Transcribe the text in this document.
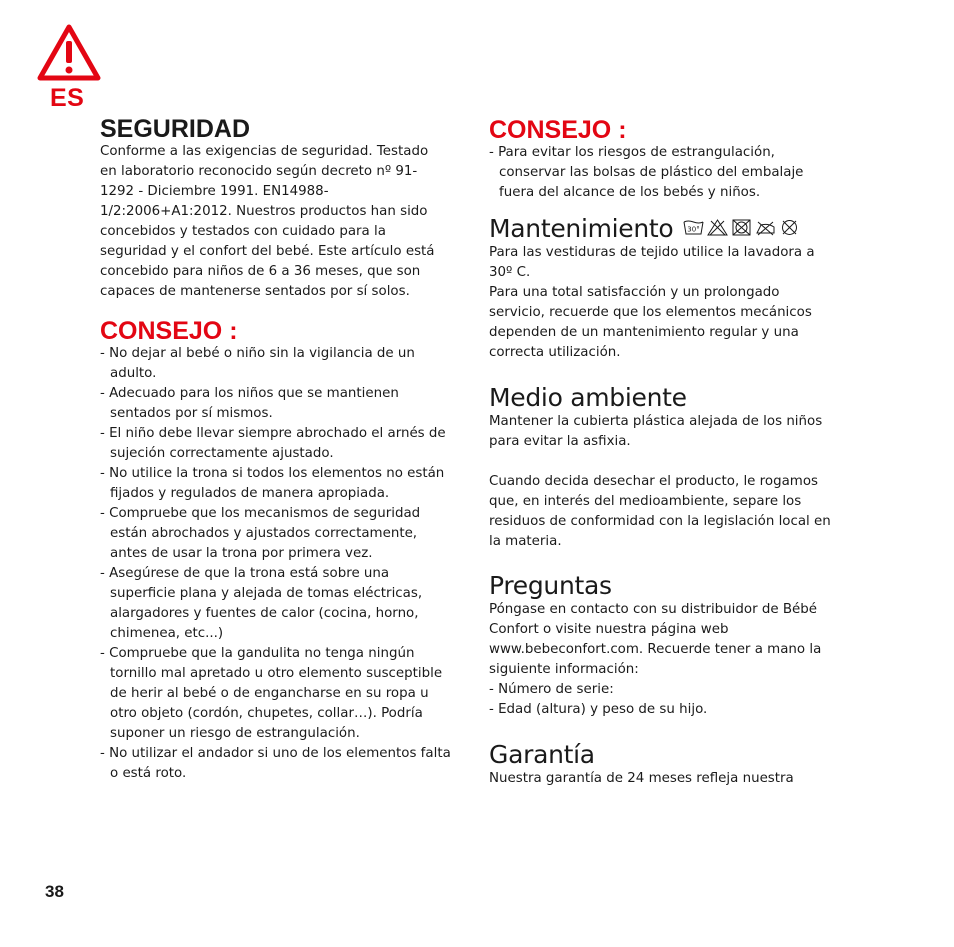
ES
SEGURIDAD

Conforme a las exigencias de seguridad. Testado en laboratorio reconocido según decreto nº 91-1292 - Diciembre 1991. EN14988-1/2:2006+A1:2012. Nuestros productos han sido concebidos y testados con cuidado para la seguridad y el confort del bebé. Este artículo está concebido para niños de 6 a 36 meses, que son capaces de mantenerse sentados por sí solos.

CONSEJO :
- No dejar al bebé o niño sin la vigilancia de un adulto.
- Adecuado para los niños que se mantienen sentados por sí mismos.
- El niño debe llevar siempre abrochado el arnés de sujeción correctamente ajustado.
- No utilice la trona si todos los elementos no están fijados y regulados de manera apropiada.
- Compruebe que los mecanismos de seguridad están abrochados y ajustados correctamente, antes de usar la trona por primera vez.
- Asegúrese de que la trona está sobre una superficie plana y alejada de tomas eléctricas, alargadores y fuentes de calor (cocina, horno, chimenea, etc...)
- Compruebe que la gandulita no tenga ningún tornillo mal apretado u otro elemento susceptible de herir al bebé o de engancharse en su ropa u otro objeto (cordón, chupetes, collar…). Podría suponer un riesgo de estrangulación.
- No utilizar el andador si uno de los elementos falta o está roto.
CONSEJO :
- Para evitar los riesgos de estrangulación, conservar las bolsas de plástico del embalaje fuera del alcance de los bebés y niños.
Mantenimiento 30°

Para las vestiduras de tejido utilice la lavadora a 30º C.

Para una total satisfacción y un prolongado servicio, recuerde que los elementos mecánicos dependen de un mantenimiento regular y una correcta utilización.

Medio ambiente

Mantener la cubierta plástica alejada de los niños para evitar la asfixia.

Cuando decida desechar el producto, le rogamos que, en interés del medioambiente, separe los residuos de conformidad con la legislación local en la materia.

Preguntas

Póngase en contacto con su distribuidor de Bébé Confort o visite nuestra página web www.bebeconfort.com. Recuerde tener a mano la siguiente información:

- Número de serie:

- Edad (altura) y peso de su hijo.

Garantía

Nuestra garantía de 24 meses refleja nuestra

38
